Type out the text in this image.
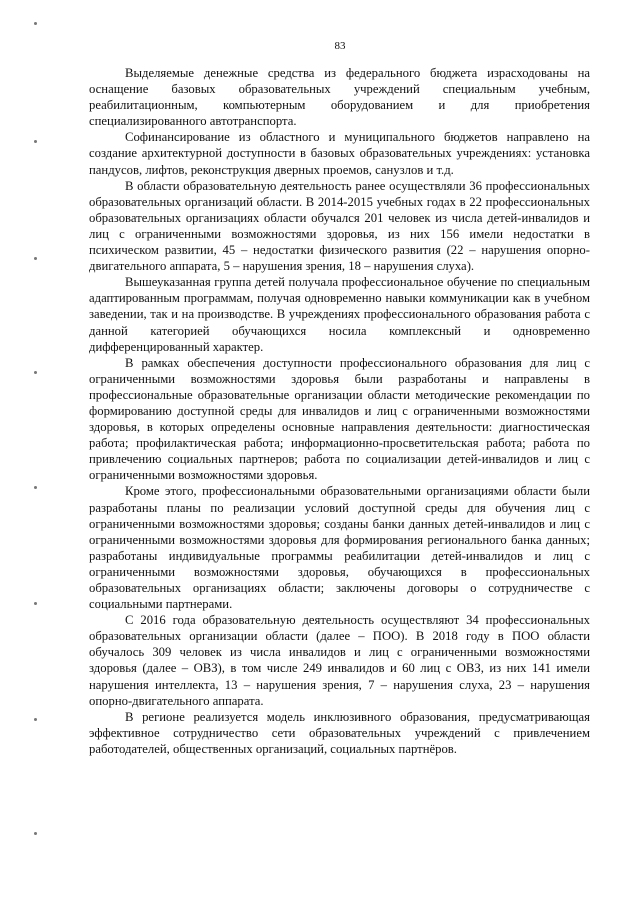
83

Выделяемые денежные средства из федерального бюджета израсходованы на оснащение базовых образовательных учреждений специальным учебным, реабилитационным, компьютерным оборудованием и для приобретения специализированного автотранспорта.

Софинансирование из областного и муниципального бюджетов направлено на создание архитектурной доступности в базовых образовательных учреждениях: установка пандусов, лифтов, реконструкция дверных проемов, санузлов и т.д.

В области образовательную деятельность ранее осуществляли 36 профессиональных образовательных организаций области. В 2014-2015 учебных годах в 22 профессиональных образовательных организациях области обучался 201 человек из числа детей-инвалидов и лиц с ограниченными возможностями здоровья, из них 156 имели недостатки в психическом развитии, 45 – недостатки физического развития (22 – нарушения опорно-двигательного аппарата, 5 – нарушения зрения, 18 – нарушения слуха).

Вышеуказанная группа детей получала профессиональное обучение по специальным адаптированным программам, получая одновременно навыки коммуникации как в учебном заведении, так и на производстве. В учреждениях профессионального образования работа с данной категорией обучающихся носила комплексный и одновременно дифференцированный характер.

В рамках обеспечения доступности профессионального образования для лиц с ограниченными возможностями здоровья были разработаны и направлены в профессиональные образовательные организации области методические рекомендации по формированию доступной среды для инвалидов и лиц с ограниченными возможностями здоровья, в которых определены основные направления деятельности: диагностическая работа; профилактическая работа; информационно-просветительская работа; работа по привлечению социальных партнеров; работа по социализации детей-инвалидов и лиц с ограниченными возможностями здоровья.

Кроме этого, профессиональными образовательными организациями области были разработаны планы по реализации условий доступной среды для обучения лиц с ограниченными возможностями здоровья; созданы банки данных детей-инвалидов и лиц с ограниченными возможностями здоровья для формирования регионального банка данных; разработаны индивидуальные программы реабилитации детей-инвалидов и лиц с ограниченными возможностями здоровья, обучающихся в профессиональных образовательных организациях области; заключены договоры о сотрудничестве с социальными партнерами.

С 2016 года образовательную деятельность осуществляют 34 профессиональных образовательных организации области (далее – ПОО). В 2018 году в ПОО области обучалось 309 человек из числа инвалидов и лиц с ограниченными возможностями здоровья (далее – ОВЗ), в том числе 249 инвалидов и 60 лиц с ОВЗ, из них 141 имели нарушения интеллекта, 13 – нарушения зрения, 7 – нарушения слуха, 23 – нарушения опорно-двигательного аппарата.

В регионе реализуется модель инклюзивного образования, предусматривающая эффективное сотрудничество сети образовательных учреждений с привлечением работодателей, общественных организаций, социальных партнёров.
